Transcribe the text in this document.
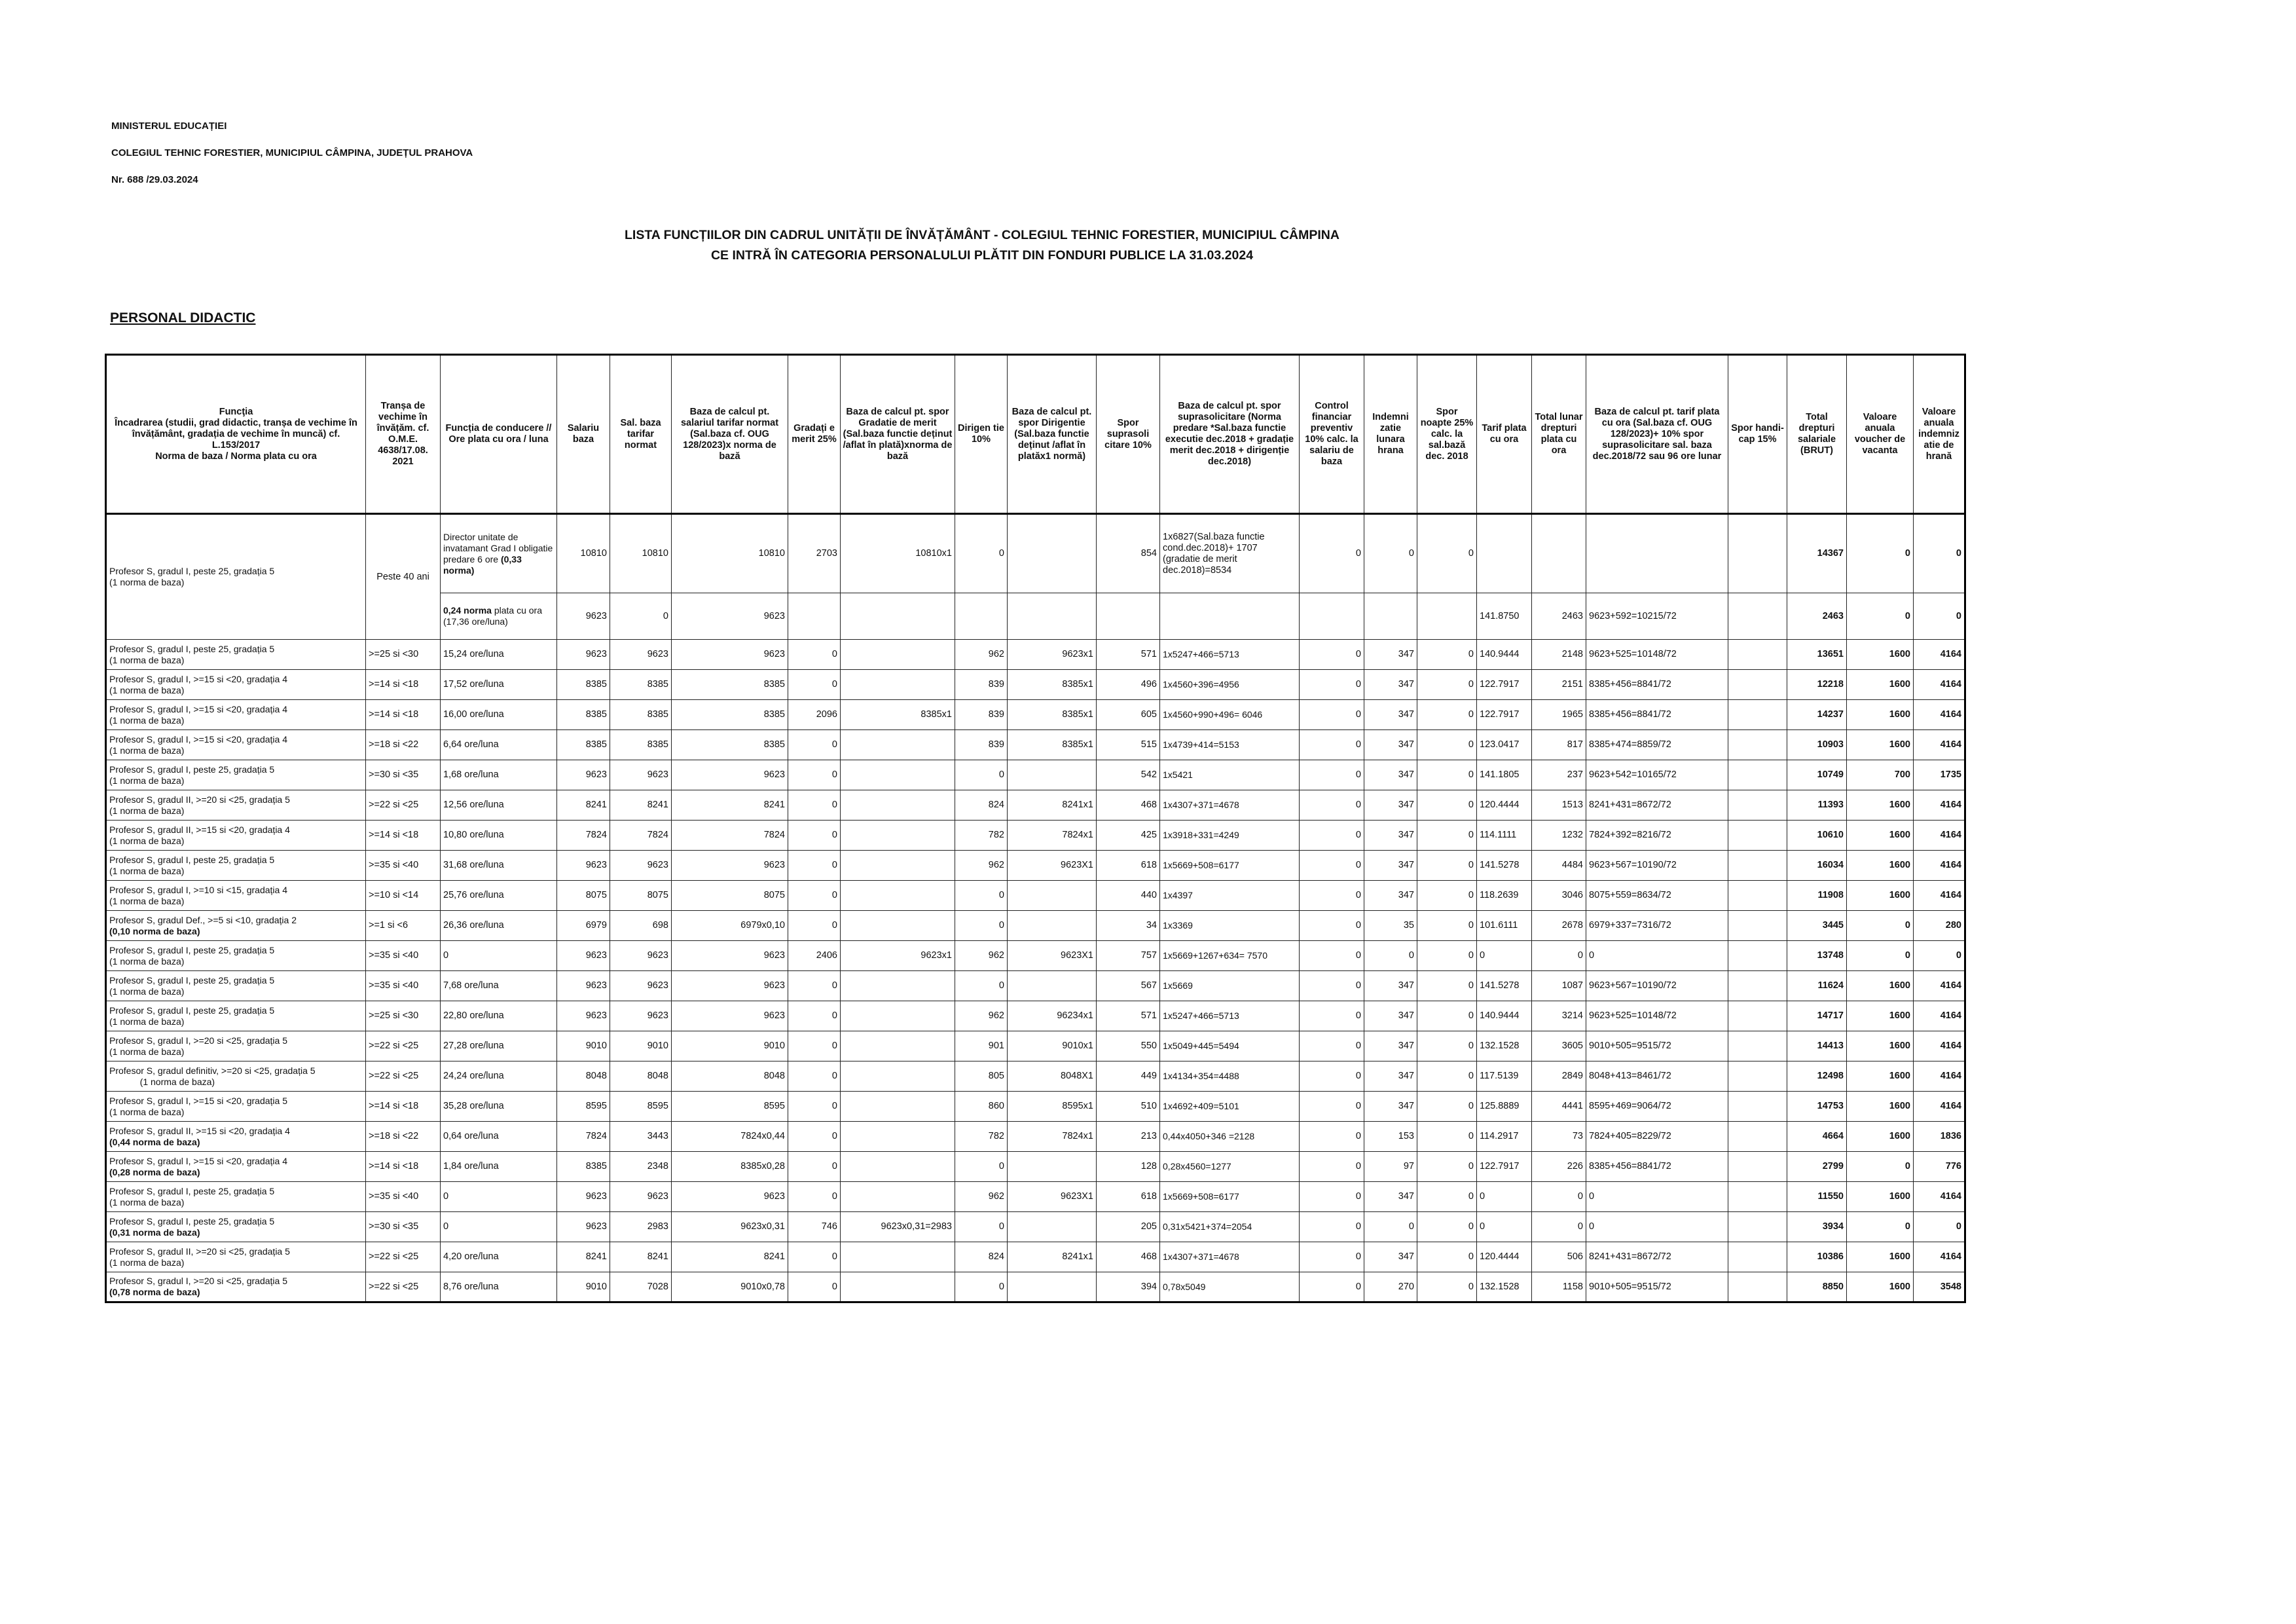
MINISTERUL EDUCAȚIEI
COLEGIUL TEHNIC FORESTIER, MUNICIPIUL CÂMPINA, JUDEȚUL PRAHOVA
Nr. 688 /29.03.2024
LISTA FUNCȚIILOR DIN CADRUL UNITĂȚII DE ÎNVĂȚĂMÂNT - COLEGIUL TEHNIC FORESTIER, MUNICIPIUL CÂMPINA
CE INTRĂ ÎN CATEGORIA PERSONALULUI PLĂTIT DIN FONDURI PUBLICE LA 31.03.2024
PERSONAL DIDACTIC
Funcţia
Încadrarea (studii, grad didactic, tranșa de vechime în învățământ, gradația de vechime în muncă) cf. L.153/2017
Norma de baza / Norma plata cu ora	Tranșa de vechime în învățăm. cf. O.M.E. 4638/17.08. 2021	Funcția de conducere // Ore plata cu ora / luna	Salariu baza	Sal. baza tarifar normat	Baza de calcul pt. salariul tarifar normat (Sal.baza cf. OUG 128/2023)x norma de bază	Gradați e merit 25%	Baza de calcul pt. spor Gradatie de merit (Sal.baza functie deținut /aflat în plată)xnorma de bază	Dirigen tie 10%	Baza de calcul pt. spor Dirigentie (Sal.baza functie deținut /aflat în platăx1 normă)	Spor suprasoli citare 10%	Baza de calcul pt. spor suprasolicitare (Norma predare *Sal.baza functie executie dec.2018 + gradație merit dec.2018 + dirigenție dec.2018)	Control financiar preventiv 10% calc. la salariu de baza	Indemni zatie lunara hrana	Spor noapte 25% calc. la sal.bază dec. 2018	Tarif plata cu ora	Total lunar drepturi plata cu ora	Baza de calcul pt. tarif plata cu ora (Sal.baza cf. OUG 128/2023)+ 10% spor suprasolicitare sal. baza dec.2018/72 sau 96 ore lunar	Spor handi- cap 15%	Total drepturi salariale (BRUT)	Valoare anuala voucher de vacanta	Valoare anuala indemniz atie de hrană
Profesor S, gradul I, peste 25, gradația 5
(1 norma de baza)	Peste 40 ani	Director unitate de invatamant Grad I obligatie predare 6 ore (0,33 norma)	10810	10810	10810	2703	10810x1	0		854	1x6827(Sal.baza functie cond.dec.2018)+ 1707 (gradatie de merit dec.2018)=8534	0	0	0					14367	0	0
		0,24 norma plata cu ora (17,36 ore/luna)	9623	0	9623										141.8750	2463	9623+592=10215/72		2463	0	0
Profesor S, gradul I, peste 25, gradația 5
(1 norma de baza)	>=25 si <30	15,24 ore/luna	9623	9623	9623	0		962	9623x1	571	1x5247+466=5713	0	347	0	140.9444	2148	9623+525=10148/72		13651	1600	4164
Profesor S, gradul I, >=15 si <20, gradația 4
(1 norma de baza)	>=14 si <18	17,52 ore/luna	8385	8385	8385	0		839	8385x1	496	1x4560+396=4956	0	347	0	122.7917	2151	8385+456=8841/72		12218	1600	4164
Profesor S, gradul I, >=15 si <20, gradația 4
(1 norma de baza)	>=14 si <18	16,00 ore/luna	8385	8385	8385	2096	8385x1	839	8385x1	605	1x4560+990+496= 6046	0	347	0	122.7917	1965	8385+456=8841/72		14237	1600	4164
Profesor S, gradul I, >=15 si <20, gradația 4
(1 norma de baza)	>=18 si <22	6,64 ore/luna	8385	8385	8385	0		839	8385x1	515	1x4739+414=5153	0	347	0	123.0417	817	8385+474=8859/72		10903	1600	4164
Profesor S, gradul I, peste 25, gradația 5
(1 norma de baza)	>=30 si <35	1,68 ore/luna	9623	9623	9623	0		0		542	1x5421	0	347	0	141.1805	237	9623+542=10165/72		10749	700	1735
Profesor S, gradul II, >=20 si <25, gradația 5
(1 norma de baza)	>=22 si <25	12,56 ore/luna	8241	8241	8241	0		824	8241x1	468	1x4307+371=4678	0	347	0	120.4444	1513	8241+431=8672/72		11393	1600	4164
Profesor S, gradul II, >=15 si <20, gradația 4
(1 norma de baza)	>=14 si <18	10,80 ore/luna	7824	7824	7824	0		782	7824x1	425	1x3918+331=4249	0	347	0	114.1111	1232	7824+392=8216/72		10610	1600	4164
Profesor S, gradul I, peste 25, gradația 5
(1 norma de baza)	>=35 si <40	31,68 ore/luna	9623	9623	9623	0		962	9623X1	618	1x5669+508=6177	0	347	0	141.5278	4484	9623+567=10190/72		16034	1600	4164
Profesor S, gradul I, >=10 si <15, gradația 4
(1 norma de baza)	>=10 si <14	25,76 ore/luna	8075	8075	8075	0		0		440	1x4397	0	347	0	118.2639	3046	8075+559=8634/72		11908	1600	4164
Profesor S, gradul Def., >=5 si <10, gradația 2
(0,10 norma de baza)	>=1 si <6	26,36 ore/luna	6979	698	6979x0,10	0		0		34	1x3369	0	35	0	101.6111	2678	6979+337=7316/72		3445	0	280
Profesor S, gradul I, peste 25, gradația 5
(1 norma de baza)	>=35 si <40	0	9623	9623	9623	2406	9623x1	962	9623X1	757	1x5669+1267+634= 7570	0	0	0	0	0	0		13748	0	0
Profesor S, gradul I, peste 25, gradația 5
(1 norma de baza)	>=35 si <40	7,68 ore/luna	9623	9623	9623	0		0		567	1x5669	0	347	0	141.5278	1087	9623+567=10190/72		11624	1600	4164
Profesor S, gradul I, peste 25, gradația 5
(1 norma de baza)	>=25 si <30	22,80 ore/luna	9623	9623	9623	0		962	96234x1	571	1x5247+466=5713	0	347	0	140.9444	3214	9623+525=10148/72		14717	1600	4164
Profesor S, gradul I, >=20 si <25, gradația 5
(1 norma de baza)	>=22 si <25	27,28 ore/luna	9010	9010	9010	0		901	9010x1	550	1x5049+445=5494	0	347	0	132.1528	3605	9010+505=9515/72		14413	1600	4164
Profesor S, gradul definitiv, >=20 si <25, gradația 5
(1 norma de baza)	>=22 si <25	24,24 ore/luna	8048	8048	8048	0		805	8048X1	449	1x4134+354=4488	0	347	0	117.5139	2849	8048+413=8461/72		12498	1600	4164
Profesor S, gradul I, >=15 si <20, gradația 5
(1 norma de baza)	>=14 si <18	35,28 ore/luna	8595	8595	8595	0		860	8595x1	510	1x4692+409=5101	0	347	0	125.8889	4441	8595+469=9064/72		14753	1600	4164
Profesor S, gradul II, >=15 si <20, gradația 4
(0,44 norma de baza)	>=18 si <22	0,64 ore/luna	7824	3443	7824x0,44	0		782	7824x1	213	0,44x4050+346 =2128	0	153	0	114.2917	73	7824+405=8229/72		4664	1600	1836
Profesor S, gradul I, >=15 si <20, gradația 4
(0,28 norma de baza)	>=14 si <18	1,84 ore/luna	8385	2348	8385x0,28	0		0		128	0,28x4560=1277	0	97	0	122.7917	226	8385+456=8841/72		2799	0	776
Profesor S, gradul I, peste 25, gradația 5
(1 norma de baza)	>=35 si <40	0	9623	9623	9623	0		962	9623X1	618	1x5669+508=6177	0	347	0	0	0	0		11550	1600	4164
Profesor S, gradul I, peste 25, gradația 5
(0,31 norma de baza)	>=30 si <35	0	9623	2983	9623x0,31	746	9623x0,31=2983	0		205	0,31x5421+374=2054	0	0	0	0	0	0		3934	0	0
Profesor S, gradul II, >=20 si <25, gradația 5
(1 norma de baza)	>=22 si <25	4,20 ore/luna	8241	8241	8241	0		824	8241x1	468	1x4307+371=4678	0	347	0	120.4444	506	8241+431=8672/72		10386	1600	4164
Profesor S, gradul I, >=20 si <25, gradația 5
(0,78 norma de baza)	>=22 si <25	8,76 ore/luna	9010	7028	9010x0,78	0		0		394	0,78x5049	0	270	0	132.1528	1158	9010+505=9515/72		8850	1600	3548
